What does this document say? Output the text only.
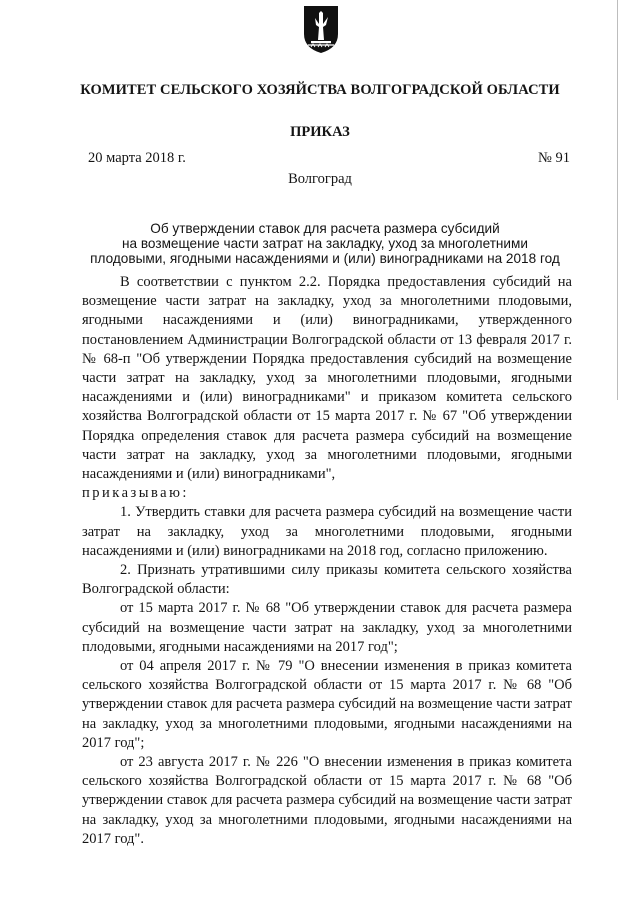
КОМИТЕТ СЕЛЬСКОГО ХОЗЯЙСТВА ВОЛГОГРАДСКОЙ ОБЛАСТИ
ПРИКАЗ
20 марта 2018 г.	№ 91
Волгоград
Об утверждении ставок для расчета размера субсидий
на возмещение части затрат на закладку, уход за многолетними
плодовыми, ягодными насаждениями и (или) виноградниками на 2018 год

В соответствии с пунктом 2.2. Порядка предоставления субсидий на возмещение части затрат на закладку, уход за многолетними плодовыми, ягодными насаждениями и (или) виноградниками, утвержденного постановлением Администрации Волгоградской области от 13 февраля 2017 г. № 68-п "Об утверждении Порядка предоставления субсидий на возмещение части затрат на закладку, уход за многолетними плодовыми, ягодными насаждениями и (или) виноградниками" и приказом комитета сельского хозяйства Волгоградской области от 15 марта 2017 г. № 67 "Об утверждении Порядка определения ставок для расчета размера субсидий на возмещение части затрат на закладку, уход за многолетними плодовыми, ягодными насаждениями и (или) виноградниками",
приказываю:

1. Утвердить ставки для расчета размера субсидий на возмещение части затрат на закладку, уход за многолетними плодовыми, ягодными насаждениями и (или) виноградниками на 2018 год, согласно приложению.

2. Признать утратившими силу приказы комитета сельского хозяйства Волгоградской области:

от 15 марта 2017 г. № 68 "Об утверждении ставок для расчета размера субсидий на возмещение части затрат на закладку, уход за многолетними плодовыми, ягодными насаждениями на 2017 год";

от 04 апреля 2017 г. № 79 "О внесении изменения в приказ комитета сельского хозяйства Волгоградской области от 15 марта 2017 г. № 68 "Об утверждении ставок для расчета размера субсидий на возмещение части затрат на закладку, уход за многолетними плодовыми, ягодными насаждениями на 2017 год";

от 23 августа 2017 г. № 226 "О внесении изменения в приказ комитета сельского хозяйства Волгоградской области от 15 марта 2017 г. № 68 "Об утверждении ставок для расчета размера субсидий на возмещение части затрат на закладку, уход за многолетними плодовыми, ягодными насаждениями на 2017 год".
